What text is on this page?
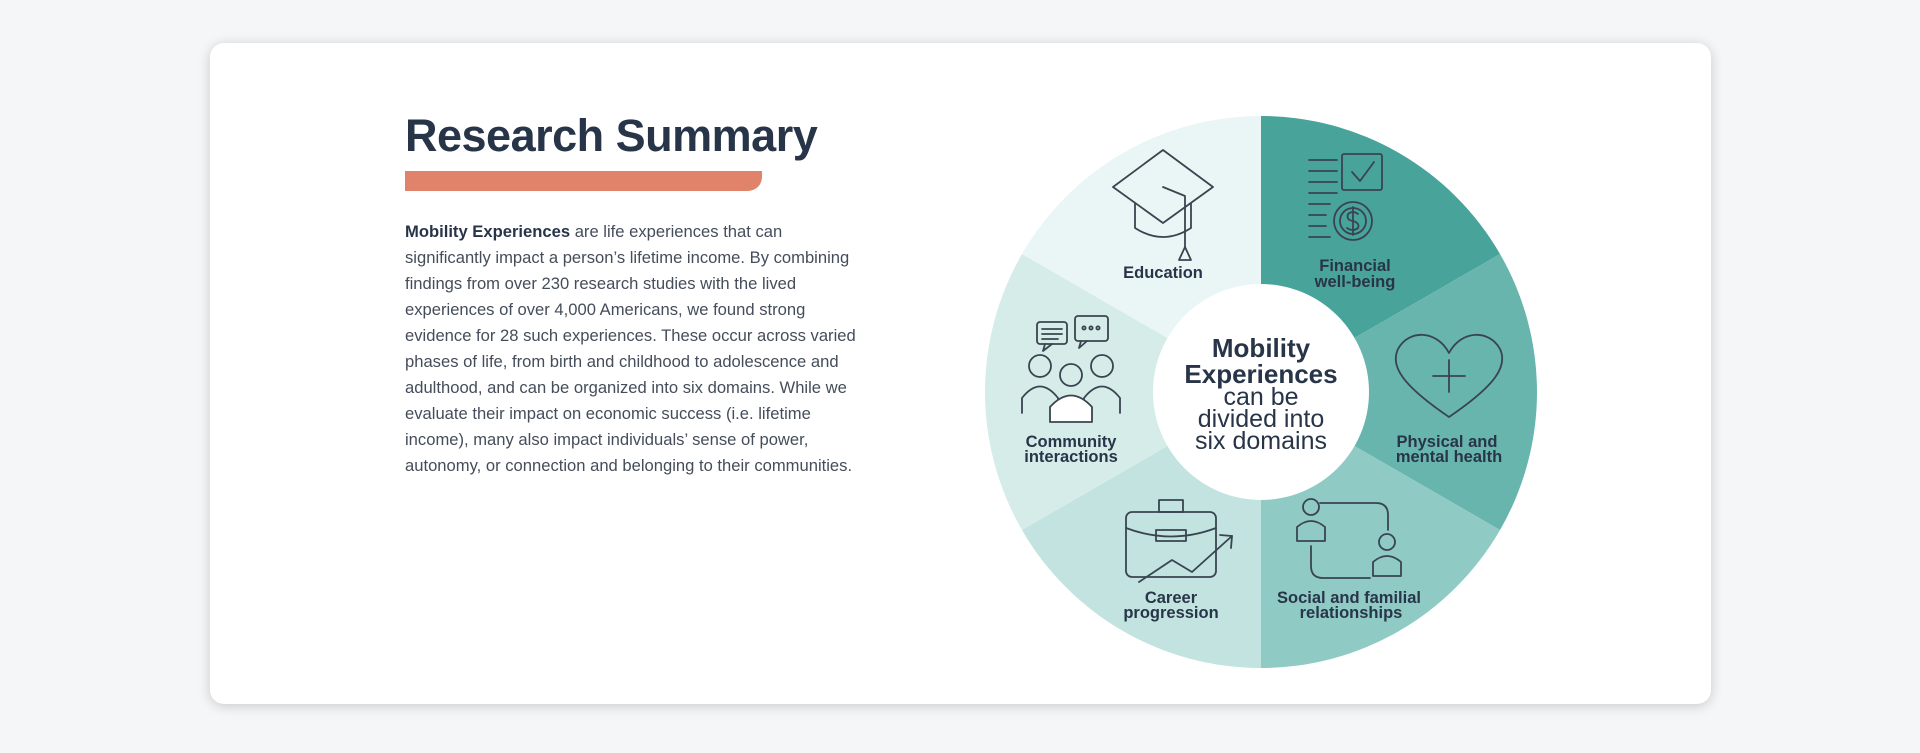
Research Summary

Mobility Experiences are life experiences that can significantly impact a person’s lifetime income. By combining findings from over 230 research studies with the lived experiences of over 4,000 Americans, we found strong evidence for 28 such experiences. These occur across varied phases of life, from birth and childhood to adolescence and adulthood, and can be organized into six domains. While we evaluate their impact on economic success (i.e. lifetime income), many also impact individuals’ sense of power, autonomy, or connection and belonging to their communities.

Mobility
Experiences
can be
divided into
six domains
Education	Financial
well-being
Physical and
mental health
Social and familial
relationships
Career
progression
Community
interactions
